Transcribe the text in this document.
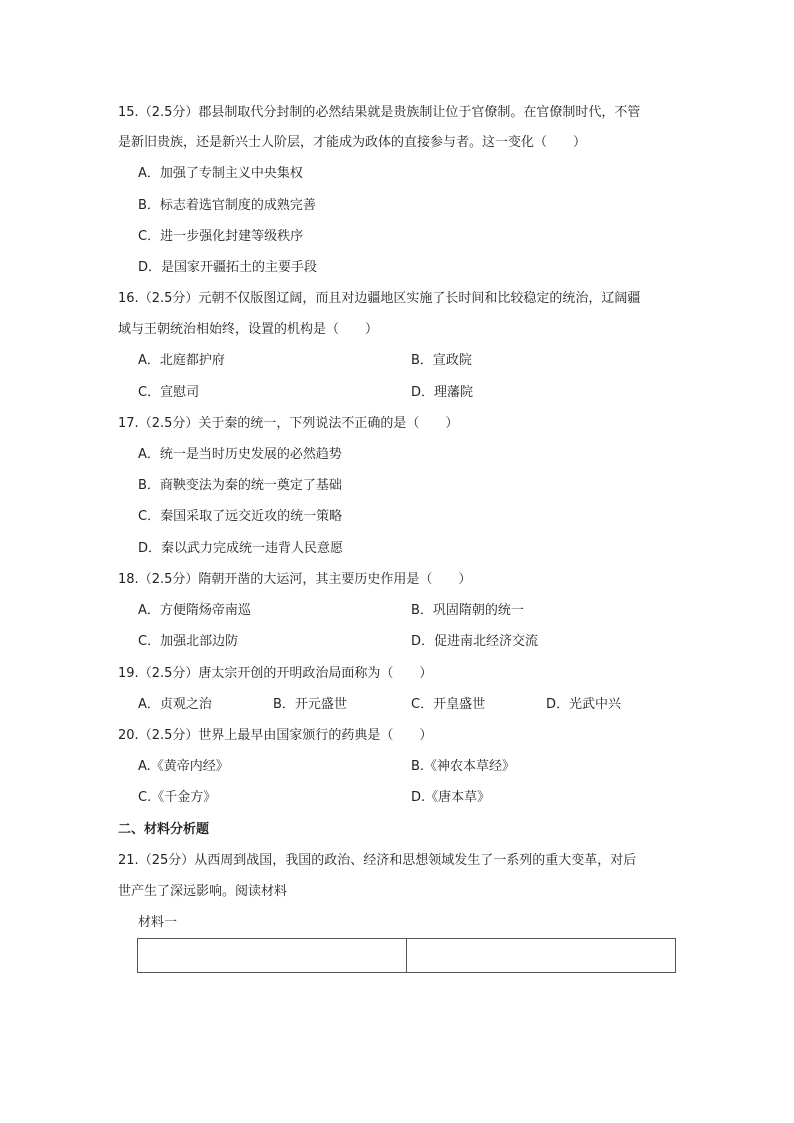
15.（2.5分）郡县制取代分封制的必然结果就是贵族制让位于官僚制。在官僚制时代，不管
是新旧贵族，还是新兴士人阶层，才能成为政体的直接参与者。这一变化（　　）
A．加强了专制主义中央集权
B．标志着选官制度的成熟完善
C．进一步强化封建等级秩序
D．是国家开疆拓土的主要手段
16.（2.5分）元朝不仅版图辽阔，而且对边疆地区实施了长时间和比较稳定的统治，辽阔疆
域与王朝统治相始终，设置的机构是（　　）
A．北庭都护府	B．宣政院
C．宣慰司	D．理藩院
17.（2.5分）关于秦的统一，下列说法不正确的是（　　）
A．统一是当时历史发展的必然趋势
B．商鞅变法为秦的统一奠定了基础
C．秦国采取了远交近攻的统一策略
D．秦以武力完成统一违背人民意愿
18.（2.5分）隋朝开凿的大运河，其主要历史作用是（　　）
A．方便隋炀帝南巡	B．巩固隋朝的统一
C．加强北部边防	D．促进南北经济交流
19.（2.5分）唐太宗开创的开明政治局面称为（　　）
A．贞观之治	B．开元盛世	C．开皇盛世	D．光武中兴
20.（2.5分）世界上最早由国家颁行的药典是（　　）
A.《黄帝内经》	B.《神农本草经》
C.《千金方》	D.《唐本草》
二、材料分析题
21.（25分）从西周到战国，我国的政治、经济和思想领域发生了一系列的重大变革，对后
世产生了深远影响。阅读材料
材料一
